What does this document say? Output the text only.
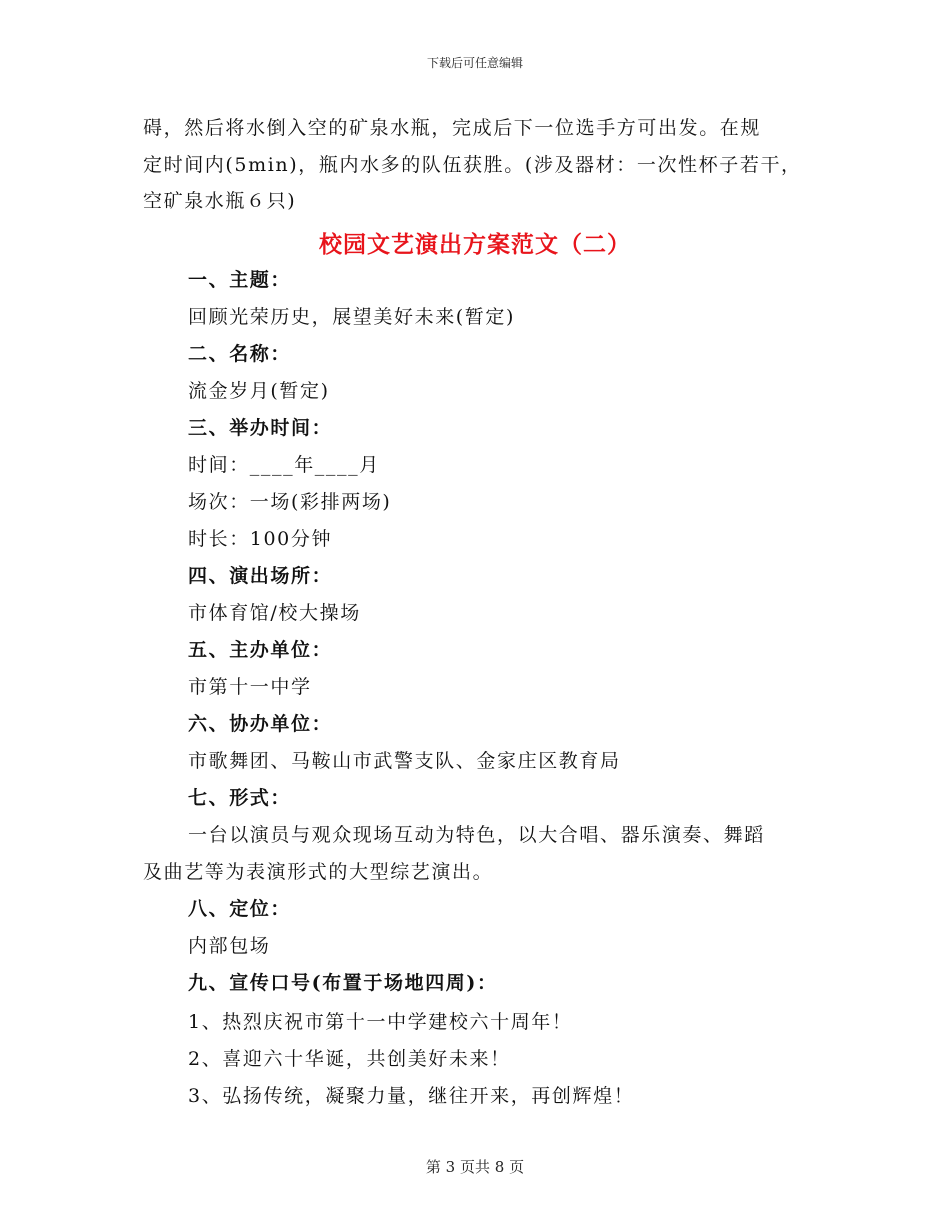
下载后可任意编辑
碍，然后将水倒入空的矿泉水瓶，完成后下一位选手方可出发。在规
定时间内(5min)，瓶内水多的队伍获胜。(涉及器材：一次性杯子若干，
空矿泉水瓶６只)
校园文艺演出方案范文（二）
一、主题：
回顾光荣历史，展望美好未来(暂定)
二、名称：
流金岁月(暂定)
三、举办时间：
时间：____年____月
场次：一场(彩排两场)
时长：100分钟
四、演出场所：
市体育馆/校大操场
五、主办单位：
市第十一中学
六、协办单位：
市歌舞团、马鞍山市武警支队、金家庄区教育局
七、形式：
一台以演员与观众现场互动为特色，以大合唱、器乐演奏、舞蹈
及曲艺等为表演形式的大型综艺演出。
八、定位：
内部包场
九、宣传口号(布置于场地四周)：
1、热烈庆祝市第十一中学建校六十周年！
2、喜迎六十华诞，共创美好未来！
3、弘扬传统，凝聚力量，继往开来，再创辉煌！
第 3 页共 8 页
